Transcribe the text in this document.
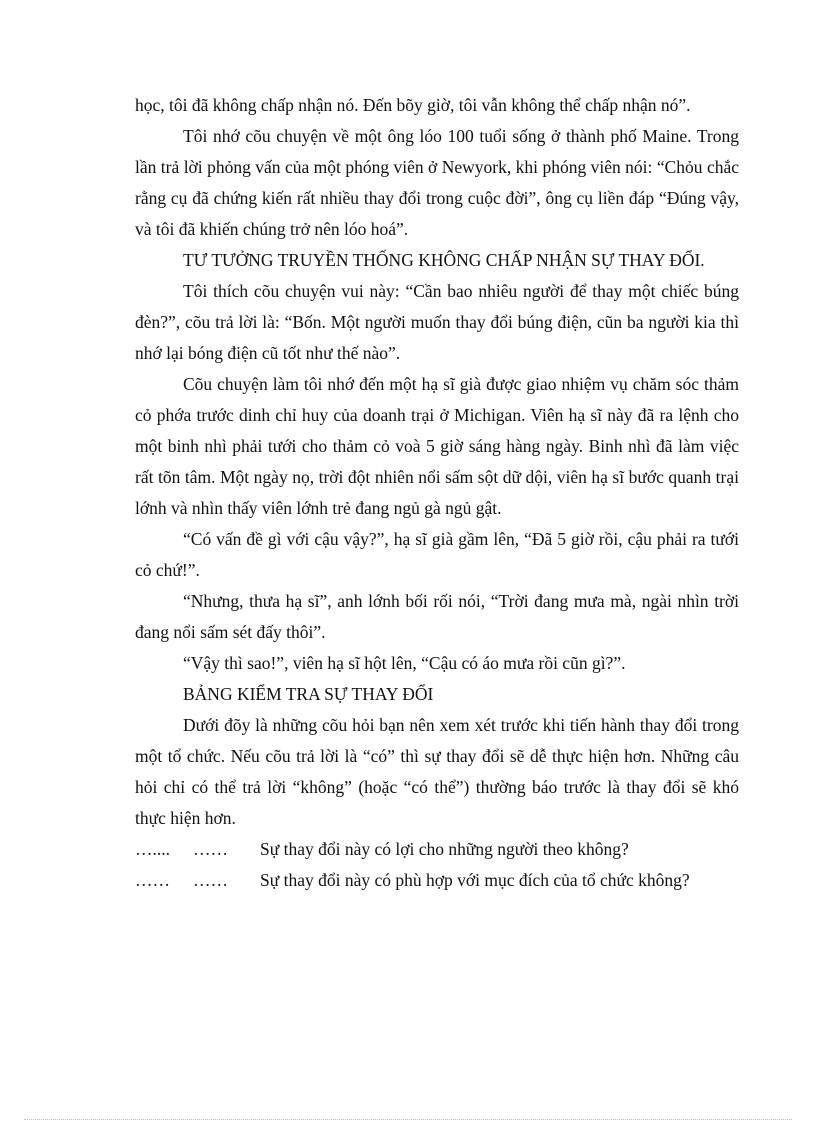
học, tôi đã không chấp nhận nó. Đến bõy giờ, tôi vẫn không thể chấp nhận nó”.

Tôi nhớ cõu chuyện về một ông lóo 100 tuổi sống ở thành phố Maine. Trong lần trả lời phỏng vấn của một phóng viên ở Newyork, khi phóng viên nói: “Chỏu chắc rằng cụ đã chứng kiến rất nhiều thay đổi trong cuộc đời”, ông cụ liền đáp “Đúng vậy, và tôi đã khiến chúng trở nên lóo hoá”.

TƯ TƯỞNG TRUYỀN THỐNG KHÔNG CHẤP NHẬN SỰ THAY ĐỔI.

Tôi thích cõu chuyện vui này: “Cần bao nhiêu người để thay một chiếc búng đèn?”, cõu trả lời là: “Bốn. Một người muốn thay đổi búng điện, cũn ba người kia thì nhớ lại bóng điện cũ tốt như thế nào”.

Cõu chuyện làm tôi nhớ đến một hạ sĩ già được giao nhiệm vụ chăm sóc thảm cỏ phớa trước dinh chỉ huy của doanh trại ở Michigan. Viên hạ sĩ này đã ra lệnh cho một binh nhì phải tưới cho thảm cỏ voà 5 giờ sáng hàng ngày. Binh nhì đã làm việc rất tõn tâm. Một ngày nọ, trời đột nhiên nổi sấm sột dữ dội, viên hạ sĩ bước quanh trại lớnh và nhìn thấy viên lớnh trẻ đang ngủ gà ngủ gật.

“Có vấn đề gì với cậu vậy?”, hạ sĩ già gầm lên, “Đã 5 giờ rồi, cậu phải ra tưới cỏ chứ!”.

“Nhưng, thưa hạ sĩ”, anh lớnh bối rối nói, “Trời đang mưa mà, ngài nhìn trời đang nổi sấm sét đấy thôi”.

“Vậy thì sao!”, viên hạ sĩ hột lên, “Cậu có áo mưa rồi cũn gì?”.

BẢNG KIỂM TRA SỰ THAY ĐỔI

Dưới đõy là những cõu hỏi bạn nên xem xét trước khi tiến hành thay đổi trong một tổ chức. Nếu cõu trả lời là “có” thì sự thay đổi sẽ dễ thực hiện hơn. Những câu hỏi chỉ có thể trả lời “không” (hoặc “có thể”) thường báo trước là thay đổi sẽ khó thực hiện hơn.

…....	……	Sự thay đổi này có lợi cho những người theo không?
……	……	Sự thay đổi này có phù hợp với mục đích của tổ chức không?
